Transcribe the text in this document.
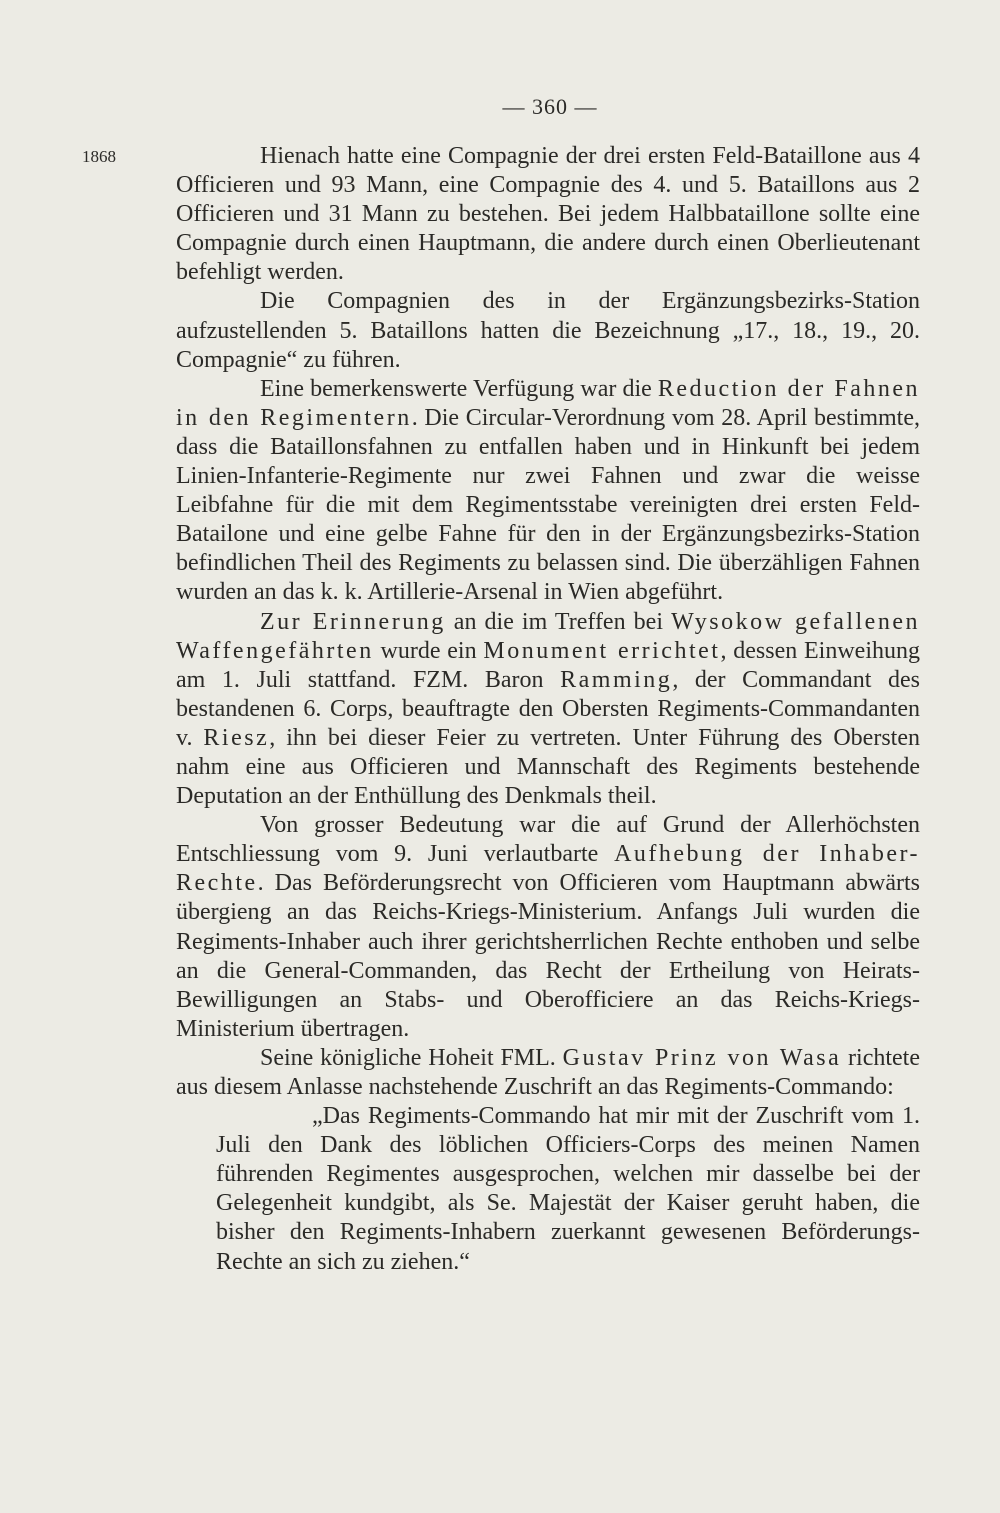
— 360 —
1868	Hienach hatte eine Compagnie der drei ersten Feld-Bataillone aus 4 Officieren und 93 Mann, eine Compagnie des 4. und 5. Bataillons aus 2 Officieren und 31 Mann zu bestehen. Bei jedem Halbbataillone sollte eine Compagnie durch einen Hauptmann, die andere durch einen Oberlieutenant befehligt werden.

Die Compagnien des in der Ergänzungsbezirks-Station aufzustellenden 5. Bataillons hatten die Bezeichnung „17., 18., 19., 20. Compagnie“ zu führen.

Eine bemerkenswerte Verfügung war die Reduction der Fahnen in den Regimentern. Die Circular-Verordnung vom 28. April bestimmte, dass die Bataillonsfahnen zu entfallen haben und in Hinkunft bei jedem Linien-Infanterie-Regimente nur zwei Fahnen und zwar die weisse Leibfahne für die mit dem Regimentsstabe vereinigten drei ersten Feld-Batailone und eine gelbe Fahne für den in der Ergänzungsbezirks-Station befindlichen Theil des Regiments zu belassen sind. Die überzähligen Fahnen wurden an das k. k. Artillerie-Arsenal in Wien abgeführt.

Zur Erinnerung an die im Treffen bei Wysokow gefallenen Waffengefährten wurde ein Monument errichtet, dessen Einweihung am 1. Juli stattfand. FZM. Baron Ramming, der Commandant des bestandenen 6. Corps, beauftragte den Obersten Regiments-Commandanten v. Riesz, ihn bei dieser Feier zu vertreten. Unter Führung des Obersten nahm eine aus Officieren und Mannschaft des Regiments bestehende Deputation an der Enthüllung des Denkmals theil.

Von grosser Bedeutung war die auf Grund der Allerhöchsten Entschliessung vom 9. Juni verlautbarte Aufhebung der Inhaber-Rechte. Das Beförderungsrecht von Officieren vom Hauptmann abwärts übergieng an das Reichs-Kriegs-Ministerium. Anfangs Juli wurden die Regiments-Inhaber auch ihrer gerichtsherrlichen Rechte enthoben und selbe an die General-Commanden, das Recht der Ertheilung von Heirats-Bewilligungen an Stabs- und Oberofficiere an das Reichs-Kriegs-Ministerium übertragen.

Seine königliche Hoheit FML. Gustav Prinz von Wasa richtete aus diesem Anlasse nachstehende Zuschrift an das Regiments-Commando:

„Das Regiments-Commando hat mir mit der Zuschrift vom 1. Juli den Dank des löblichen Officiers-Corps des meinen Namen führenden Regimentes ausgesprochen, welchen mir dasselbe bei der Gelegenheit kundgibt, als Se. Majestät der Kaiser geruht haben, die bisher den Regiments-Inhabern zuerkannt gewesenen Beförderungs-Rechte an sich zu ziehen.“
